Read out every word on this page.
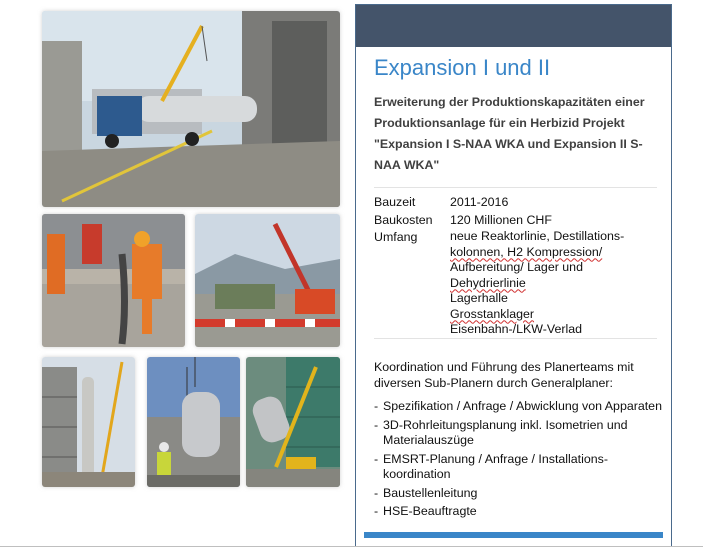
Expansion I und II
Erweiterung der Produktionskapazitäten einer Produktionsanlage für ein Herbizid Projekt "Expansion I S-NAA WKA und Expansion II S-NAA WKA"
Bauzeit	2011-2016
Baukosten	120 Millionen CHF
Umfang	neue Reaktorlinie, Destillations-
kolonnen, H2 Kompression/
Aufbereitung/ Lager und
Dehydrierlinie
Lagerhalle
Grosstanklager
Eisenbahn-/LKW-Verlad
Koordination und Führung des Planerteams mit diversen Sub-Planern durch Generalplaner:
- Spezifikation / Anfrage / Abwicklung von Apparaten
- 3D-Rohrleitungsplanung inkl. Isometrien und Materialauszüge
- EMSRT-Planung / Anfrage / Installations-koordination
- Baustellenleitung
- HSE-Beauftragte
